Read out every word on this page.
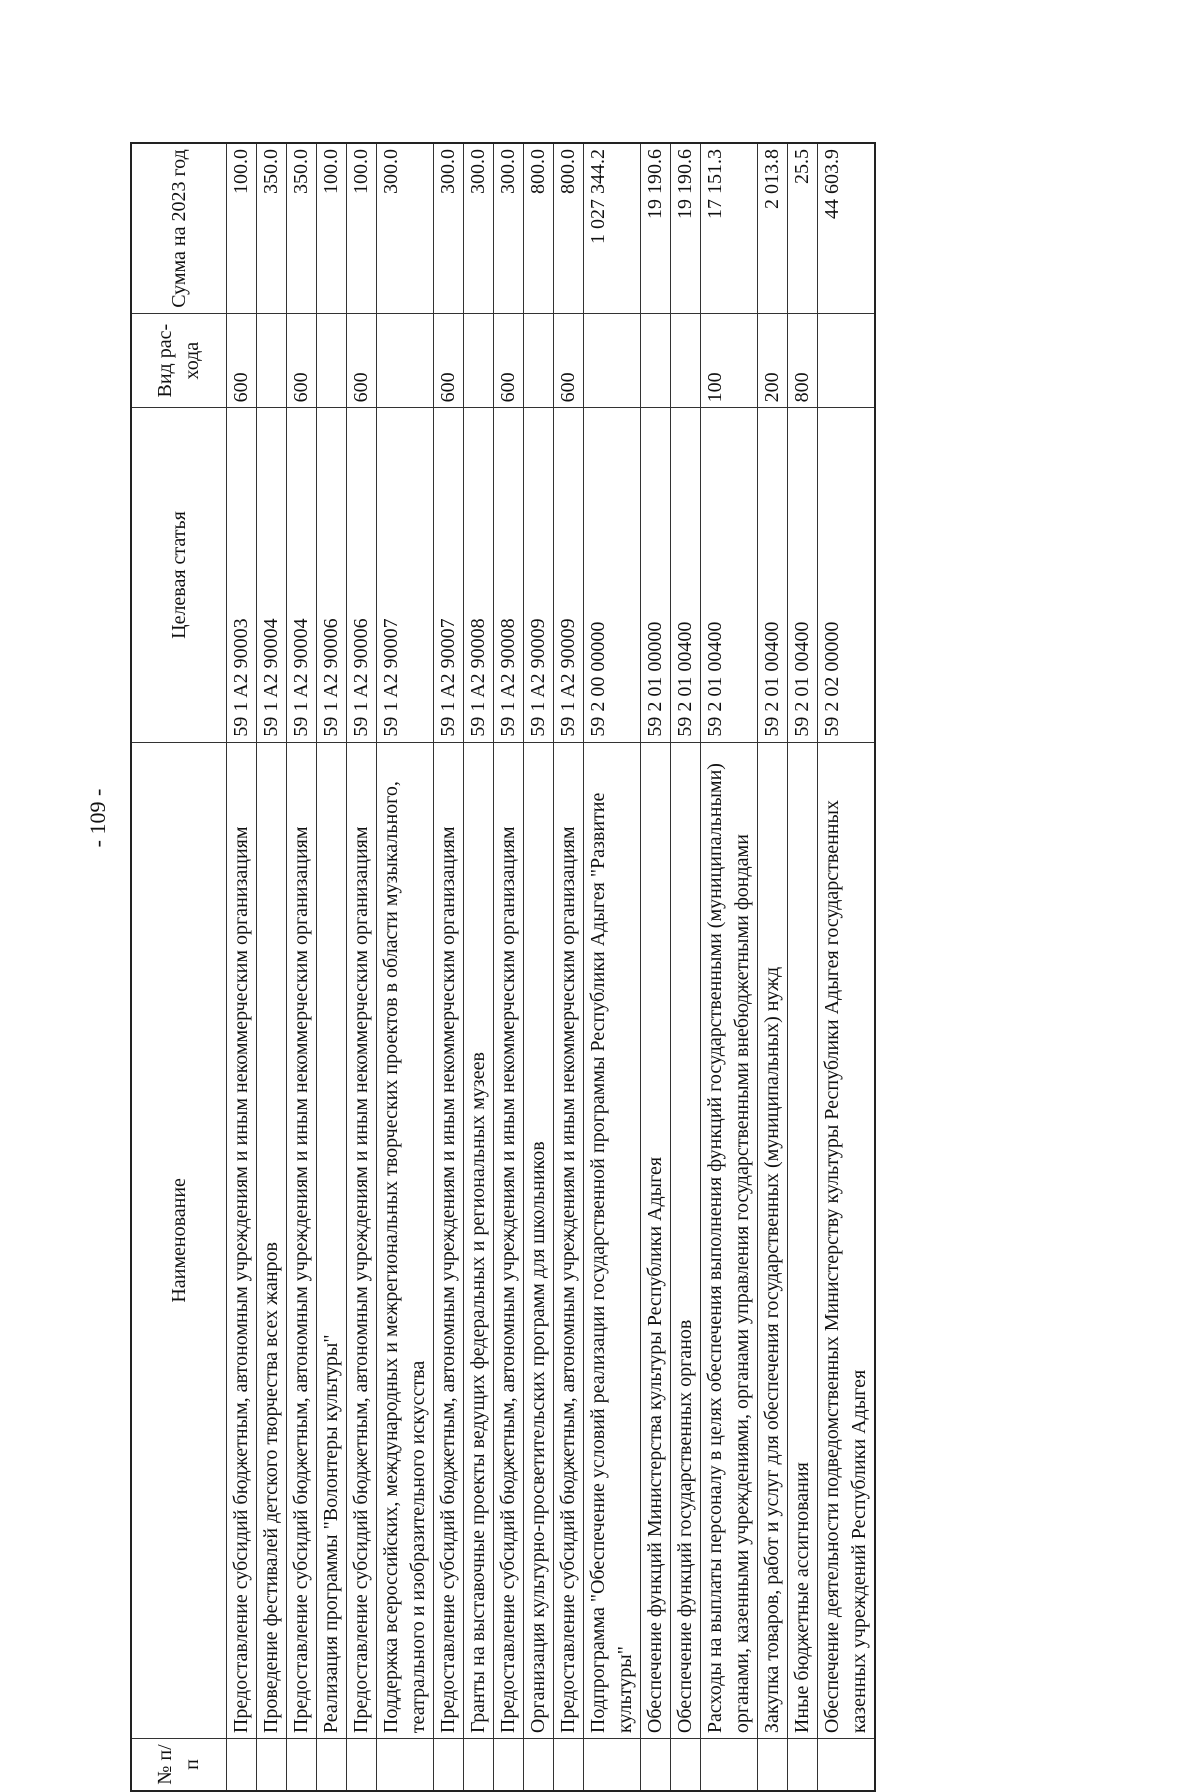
- 109 -
№ п/п	Наименование	Целевая статья	Вид рас-хода	Сумма на 2023 год
	Предоставление субсидий бюджетным, автономным учреждениям и иным некоммерческим организациям	59 1 A2 90003	600	100.0
	Проведение фестивалей детского творчества всех жанров	59 1 A2 90004		350.0
	Предоставление субсидий бюджетным, автономным учреждениям и иным некоммерческим организациям	59 1 A2 90004	600	350.0
	Реализация программы "Волонтеры культуры"	59 1 A2 90006		100.0
	Предоставление субсидий бюджетным, автономным учреждениям и иным некоммерческим организациям	59 1 A2 90006	600	100.0
	Поддержка всероссийских, международных и межрегиональных творческих проектов в области музыкального, театрального и изобразительного искусства	59 1 A2 90007		300.0
	Предоставление субсидий бюджетным, автономным учреждениям и иным некоммерческим организациям	59 1 A2 90007	600	300.0
	Гранты на выставочные проекты ведущих федеральных и региональных музеев	59 1 A2 90008		300.0
	Предоставление субсидий бюджетным, автономным учреждениям и иным некоммерческим организациям	59 1 A2 90008	600	300.0
	Организация культурно-просветительских программ для школьников	59 1 A2 90009		800.0
	Предоставление субсидий бюджетным, автономным учреждениям и иным некоммерческим организациям	59 1 A2 90009	600	800.0
	Подпрограмма "Обеспечение условий реализации государственной программы Республики Адыгея "Развитие культуры"	59 2 00 00000		1 027 344.2
	Обеспечение функций Министерства культуры Республики Адыгея	59 2 01 00000		19 190.6
	Обеспечение функций государственных органов	59 2 01 00400		19 190.6
	Расходы на выплаты персоналу в целях обеспечения выполнения функций государственными (муниципальными) органами, казенными учреждениями, органами управления государственными внебюджетными фондами	59 2 01 00400	100	17 151.3
	Закупка товаров, работ и услуг для обеспечения государственных (муниципальных) нужд	59 2 01 00400	200	2 013.8
	Иные бюджетные ассигнования	59 2 01 00400	800	25.5
	Обеспечение деятельности подведомственных Министерству культуры Республики Адыгея государственных казенных учреждений Республики Адыгея	59 2 02 00000		44 603.9
